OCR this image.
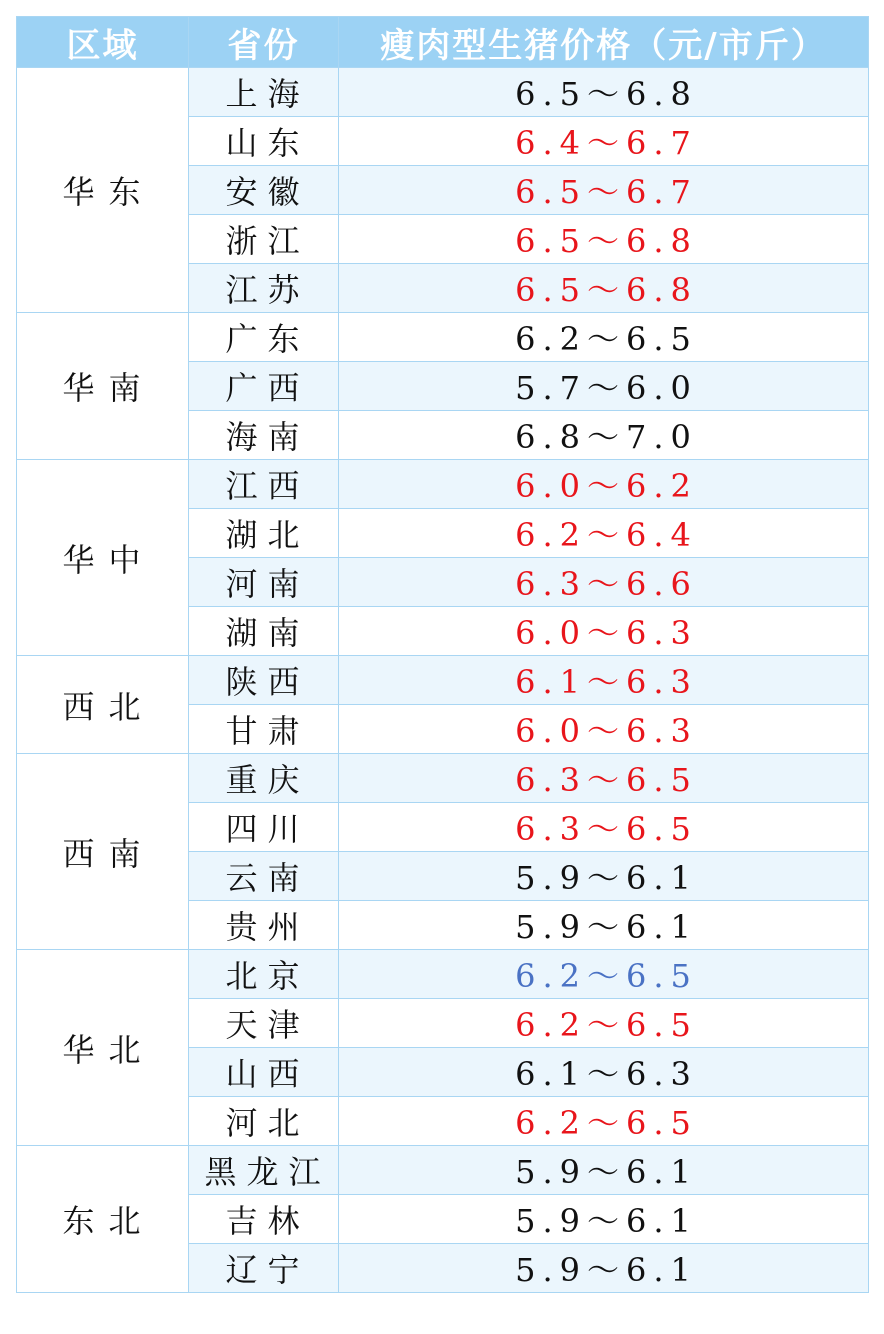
区域	省份	瘦肉型生猪价格（元/市斤）
华东	上海	6.5～6.8
	山东	6.4～6.7
	安徽	6.5～6.7
	浙江	6.5～6.8
	江苏	6.5～6.8
华南	广东	6.2～6.5
	广西	5.7～6.0
	海南	6.8～7.0
华中	江西	6.0～6.2
	湖北	6.2～6.4
	河南	6.3～6.6
	湖南	6.0～6.3
西北	陕西	6.1～6.3
	甘肃	6.0～6.3
西南	重庆	6.3～6.5
	四川	6.3～6.5
	云南	5.9～6.1
	贵州	5.9～6.1
华北	北京	6.2～6.5
	天津	6.2～6.5
	山西	6.1～6.3
	河北	6.2～6.5
东北	黑龙江	5.9～6.1
	吉林	5.9～6.1
	辽宁	5.9～6.1
